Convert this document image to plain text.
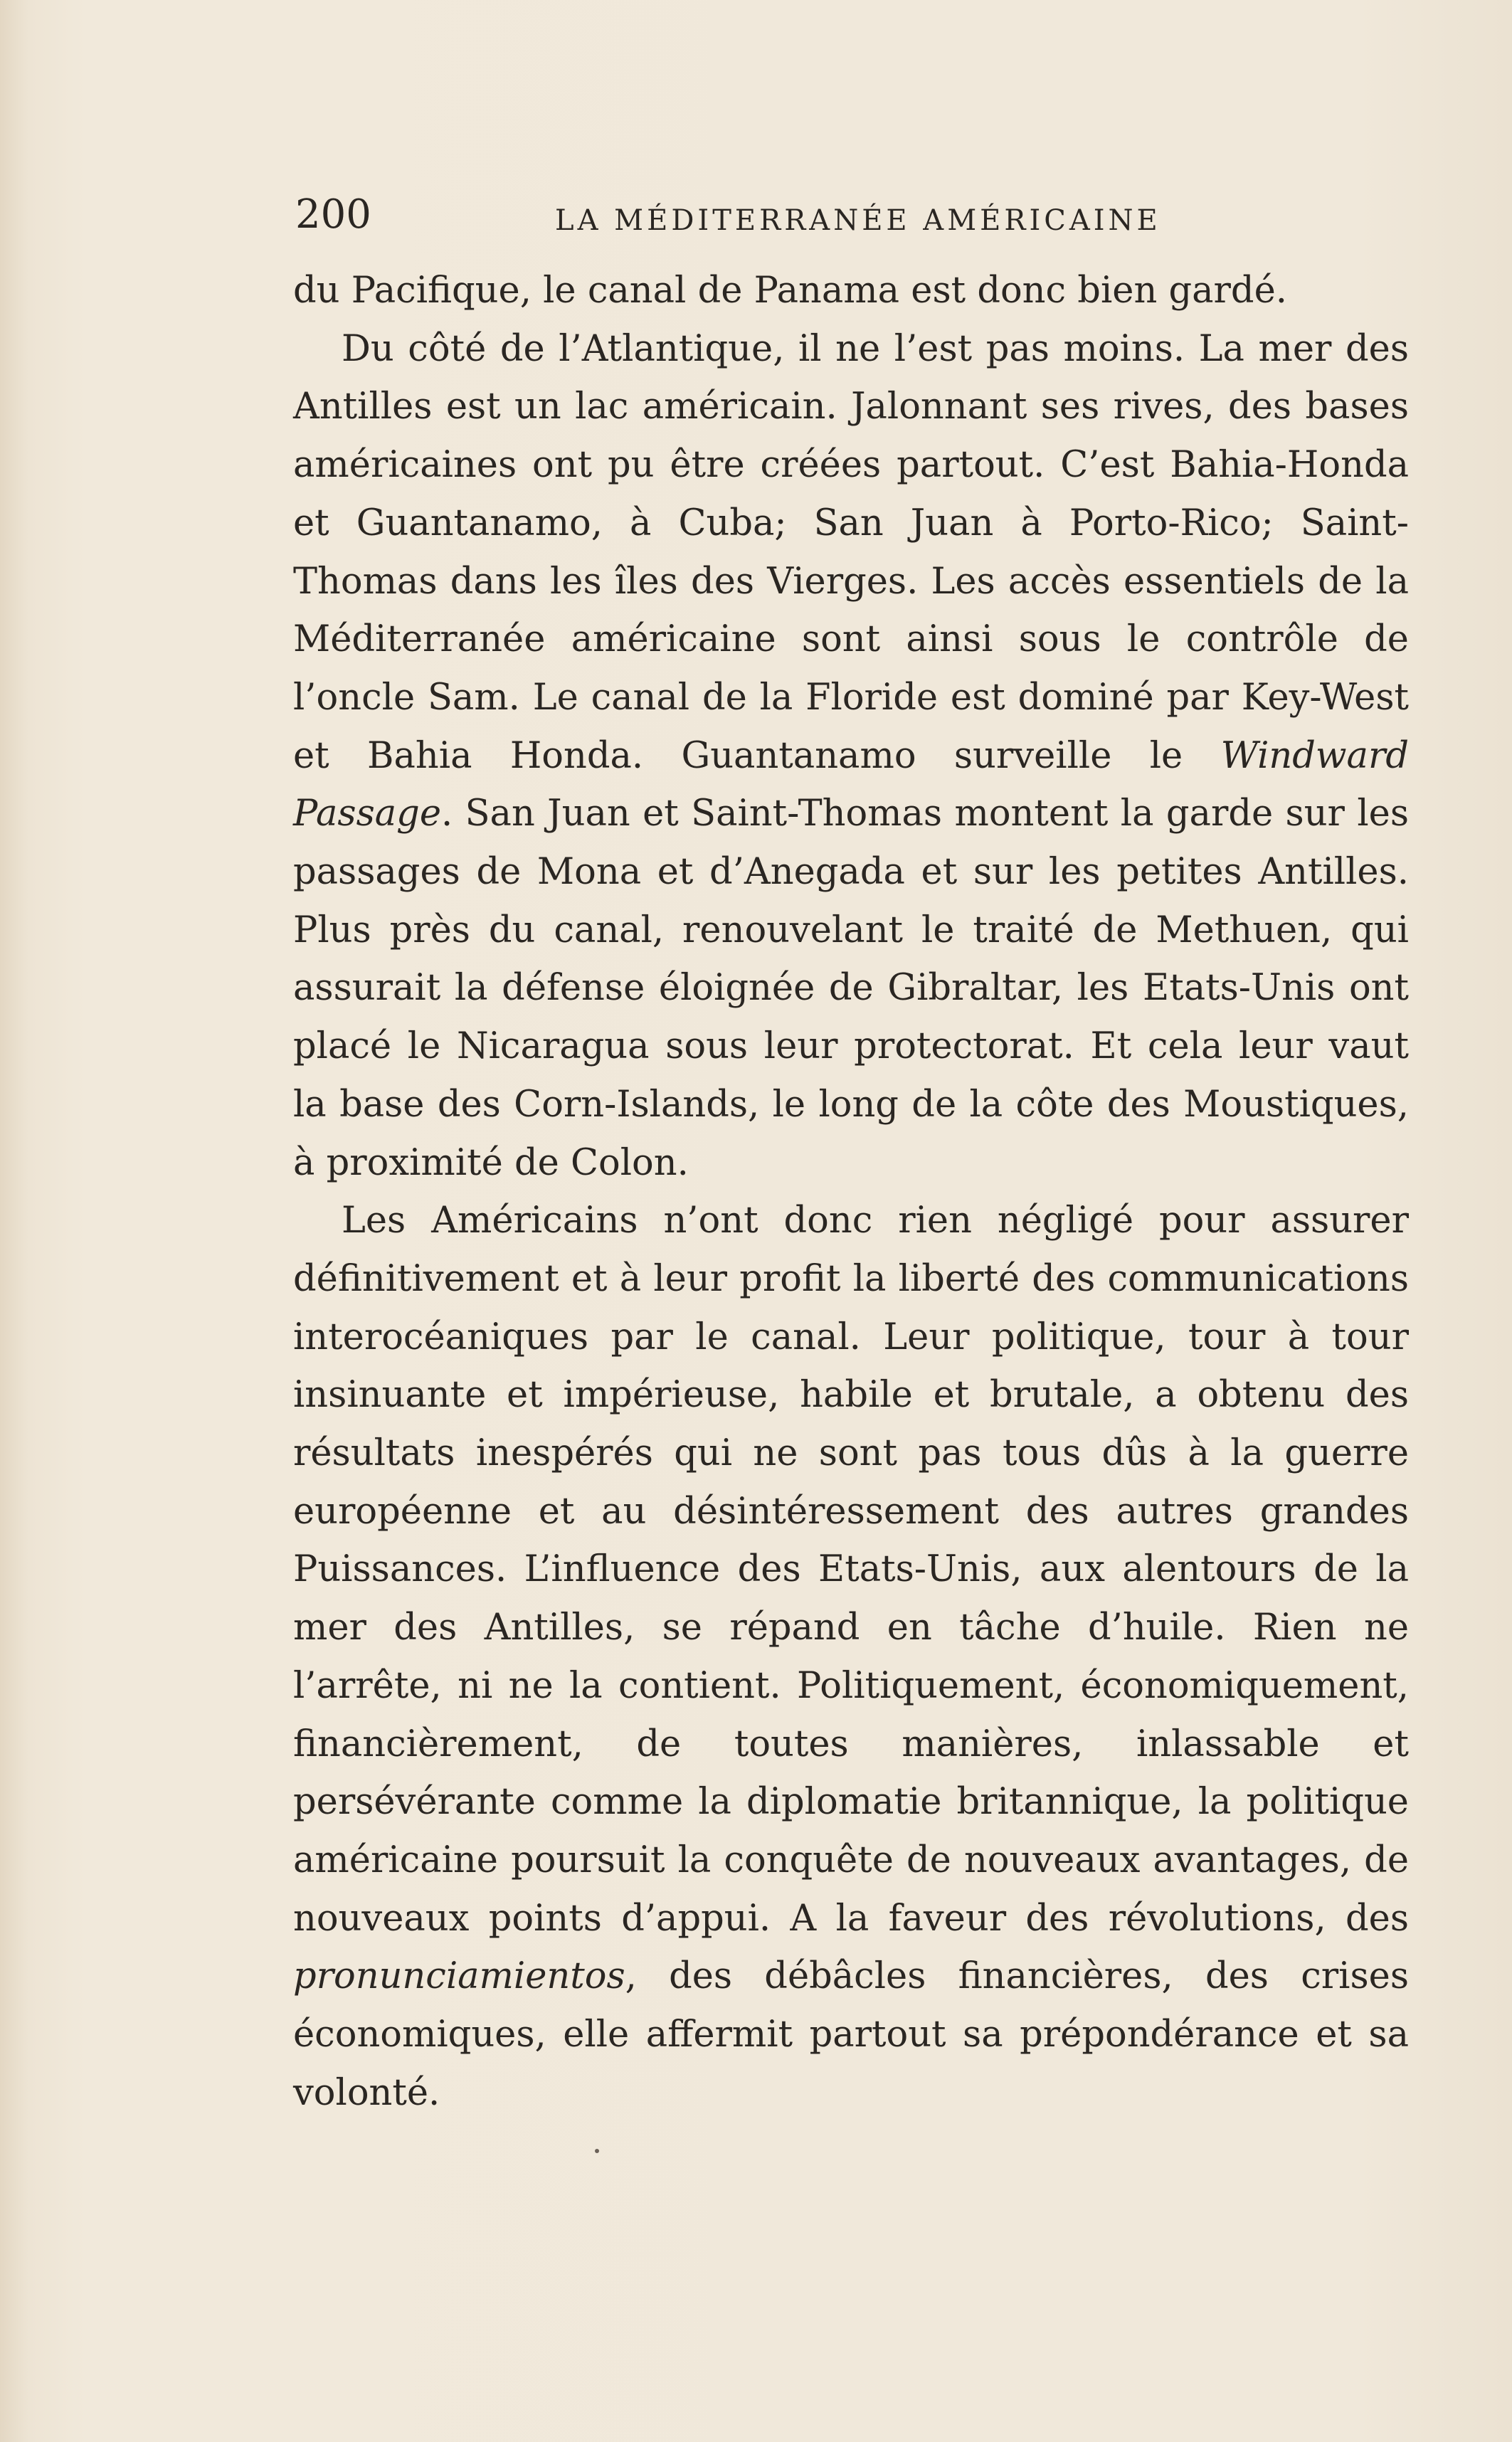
200	LA MÉDITERRANÉE AMÉRICAINE

du Pacifique, le canal de Panama est donc bien gardé.

Du côté de l’Atlantique, il ne l’est pas moins. La mer des Antilles est un lac américain. Jalonnant ses rives, des bases américaines ont pu être créées partout. C’est Bahia-Honda et Guantanamo, à Cuba; San Juan à Porto-Rico; Saint-Thomas dans les îles des Vierges. Les accès essentiels de la Méditerranée américaine sont ainsi sous le contrôle de l’oncle Sam. Le canal de la Floride est dominé par Key-West et Bahia Honda. Guantanamo surveille le Windward Passage. San Juan et Saint-Thomas montent la garde sur les passages de Mona et d’Anegada et sur les petites Antilles. Plus près du canal, renouvelant le traité de Methuen, qui assurait la défense éloignée de Gibraltar, les Etats-Unis ont placé le Nicaragua sous leur protectorat. Et cela leur vaut la base des Corn-Islands, le long de la côte des Moustiques, à proximité de Colon.

Les Américains n’ont donc rien négligé pour assurer définitivement et à leur profit la liberté des communications interocéaniques par le canal. Leur politique, tour à tour insinuante et impérieuse, habile et brutale, a obtenu des résultats inespérés qui ne sont pas tous dûs à la guerre européenne et au désintéressement des autres grandes Puissances. L’influence des Etats-Unis, aux alentours de la mer des Antilles, se répand en tâche d’huile. Rien ne l’arrête, ni ne la contient. Politiquement, économiquement, financièrement, de toutes manières, inlassable et persévérante comme la diplomatie britannique, la politique américaine poursuit la conquête de nouveaux avantages, de nouveaux points d’appui. A la faveur des révolutions, des pronunciamientos, des débâcles financières, des crises économiques, elle affermit partout sa prépondérance et sa volonté.
